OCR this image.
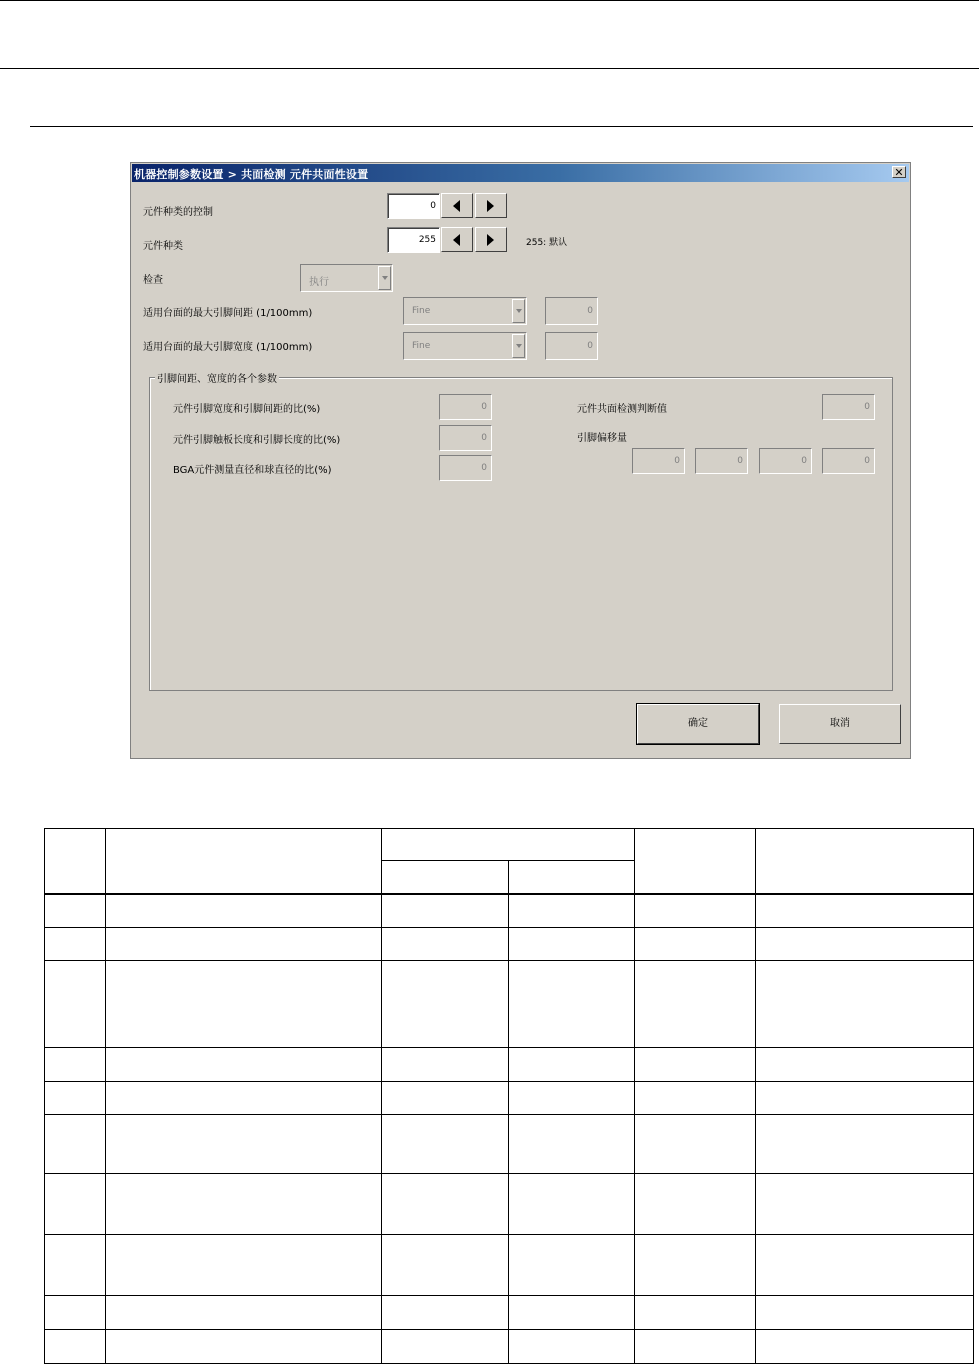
机器控制参数设置 > 共面检测 元件共面性设置	✕
元件种类的控制
0
元件种类
255	255: 默认
检查	执行
适用台面的最大引脚间距 (1/100mm)	Fine	0
适用台面的最大引脚宽度 (1/100mm)	Fine	0
引脚间距、宽度的各个参数
元件引脚宽度和引脚间距的比(%)	0
元件引脚触板长度和引脚长度的比(%)	0
BGA元件测量直径和球直径的比(%)	0
元件共面检测判断值	0
引脚偏移量
0	0	0	0
确定	取消
